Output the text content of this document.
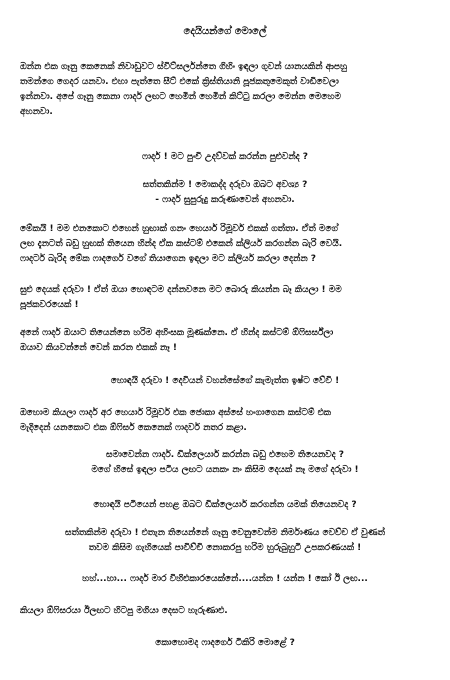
දෙයියන්ගේ මොලේ
ඔන්න එක ගෑනු කෙනෙක් නිවාඩුවට ස්විට්සර්ලන්තෙ ගිහිං ඉඳලා ගුවන් යානයකින් ආපහු
තමන්ගෙ ගෙදර යනවා. එහා පැත්තෙ සීට් එකේ ක්‍රිස්තියානි පූජකතුමෙකුත් වාඩිවෙලා
ඉන්නවා. අපේ ගෑනු කෙනා ෆාදර් ලඟට හෙමින් හෙමින් කිට්ටු කරලා මෙන්න මෙහෙම
අහනවා.
ෆාදර් ! මට පුංචි උදව්වක් කරන්න පුළුවන්ද ?
සත්තකින්ම ! මොකද්ද දරුවා ඔබට අවශ්‍ය ?
- ෆාදර් සුපුරුදු කරුණාවෙන් අහනවා.
මේකයි ! මම එනකොට එහෙන් හුඟාක් ගනං හෙයාර් රිමූවර් එකක් ගත්තා. ඒත් මගේ
ලඟ දැනටත් බඩු හුඟක් තියෙන හින්ද ඒක කස්ටම් එකෙන් ක්ලියර් කරගන්න බැරි වෙයි.
ෆාදර්ට බැරිද මේක ෆාදර්ගෙ වගේ තියාගෙන ඉඳලා මට ක්ලියර් කරලා දෙන්න ?
සුළු දෙයක් දරුවා ! ඒත් ඔයා හොඳටම දන්නවනෙ මට බොරු කියන්න බෑ කියලා ! මම
පූජකවරයෙක් !
අනේ ෆාදර් ඔයාට තියෙන්නෙ හරිම අහිංසක මූණක්නෙ. ඒ හින්ද කස්ටම් ඕෆිසර්ස්ලා
ඔයාව කියවන්නේ වෙන් කරන එකක් නෑ !
හොඳයි දරුවා ! දෙවියන් වහන්සේගේ කැමැත්ත ඉෂ්ට වේවි !
ඔහොම කියලා ෆාදර් අර හෙයාර් රිමූවර් එක ජොකා අස්සේ හංගාගෙන කස්ටම් එක
මැදිදෙන් යනකොට එක ඕෆිසර් කෙනෙක් ෆාදර්ව නතර කළා.
සමාවෙන්න ෆාදර්. ඩික්ලෙයාර් කරන්න බඩු එහෙම තියෙනවද ?
මගේ හිසේ ඉඳලා පටිය ලඟට යනකං නං කිසිම දෙයක් නෑ මගේ දරුවා !
හොඳයි පටියෙන් පහළ ඔබට ඩික්ලෙයාර් කරගන්න යමක් තියෙනවද ?
සත්තකින්ම දරුවා ! එතැන තියෙන්නේ ගෑනු වෙනුවෙන්ම නිර්මාණය වෙච්ච ඒ වුණත්
තවම කිසිම ගැහියෙක් පාවිච්චි නොකරපු හරිම හුරුබුහුටි උපකරණයක් !
හහ්...හා... ෆාදර් මාර විහිළුකාරයෙක්නේ....යන්න ! යන්න ! කෝ ඊ ලඟ...
කියලා ඕෆිසරයා ඊලඟට හිටපු මගියා දෙසට හැරුණාළු.
කොහොමද ෆාදර්ගෙ ටිකිරි මොළේ ?
